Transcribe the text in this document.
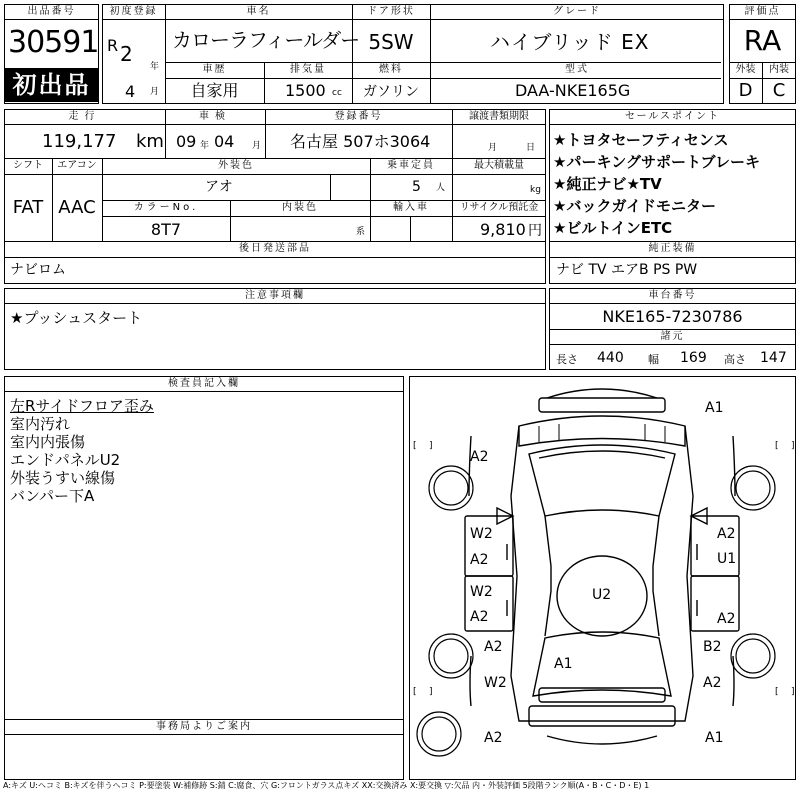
出品番号
30591
初出品
初度登録
R 2
年
4 月
車名
カローラフィールダー
ドア形状
5SW
グレード
ハイブリッド EX
車歴
自家用
排気量
1500 cc
燃料
ガソリン
型式
DAA-NKE165G
評価点
RA
外装	内装
D	C
走行
119,177 km
車検
09 年 04 月
登録番号
名古屋 507ホ3064
譲渡書類期限
月	日
シフト
FAT
エアコン
AAC
外装色
アオ
乗車定員
5 人
最大積載量
kg
カラーNo.
8T7
内装色
系
輸入車	リサイクル預託金
9,810 円
後日発送部品
ナビロム
セールスポイント
★トヨタセーフティセンス
★パーキングサポートブレーキ
★純正ナビ★TV
★バックガイドモニター
★ビルトインETC
純正装備
ナビ TV エアB PS PW
注意事項欄
★プッシュスタート
車台番号
NKE165-7230786
諸元
長さ 440 幅 169 高さ 147
検査員記入欄
左Rサイドフロア歪み
室内汚れ
室内内張傷
エンドパネルU2
外装うすい線傷
バンパー下A
事務局よりご案内
[ ]	[ ]
[ ]	[ ]
A1
A2
W2
A2
W2
A2
A2
U1
U2
A2
A2	B2
A1
W2	A2
A2	A1
A:キズ U:ヘコミ B:キズを伴うヘコミ P:要塗装 W:補修跡 S:錆 C:腐食、穴 G:フロントガラス点キズ XX:交換済み X:要交換 ▽:欠品 内・外装評価 5段階ランク順(A・B・C・D・E) 1
